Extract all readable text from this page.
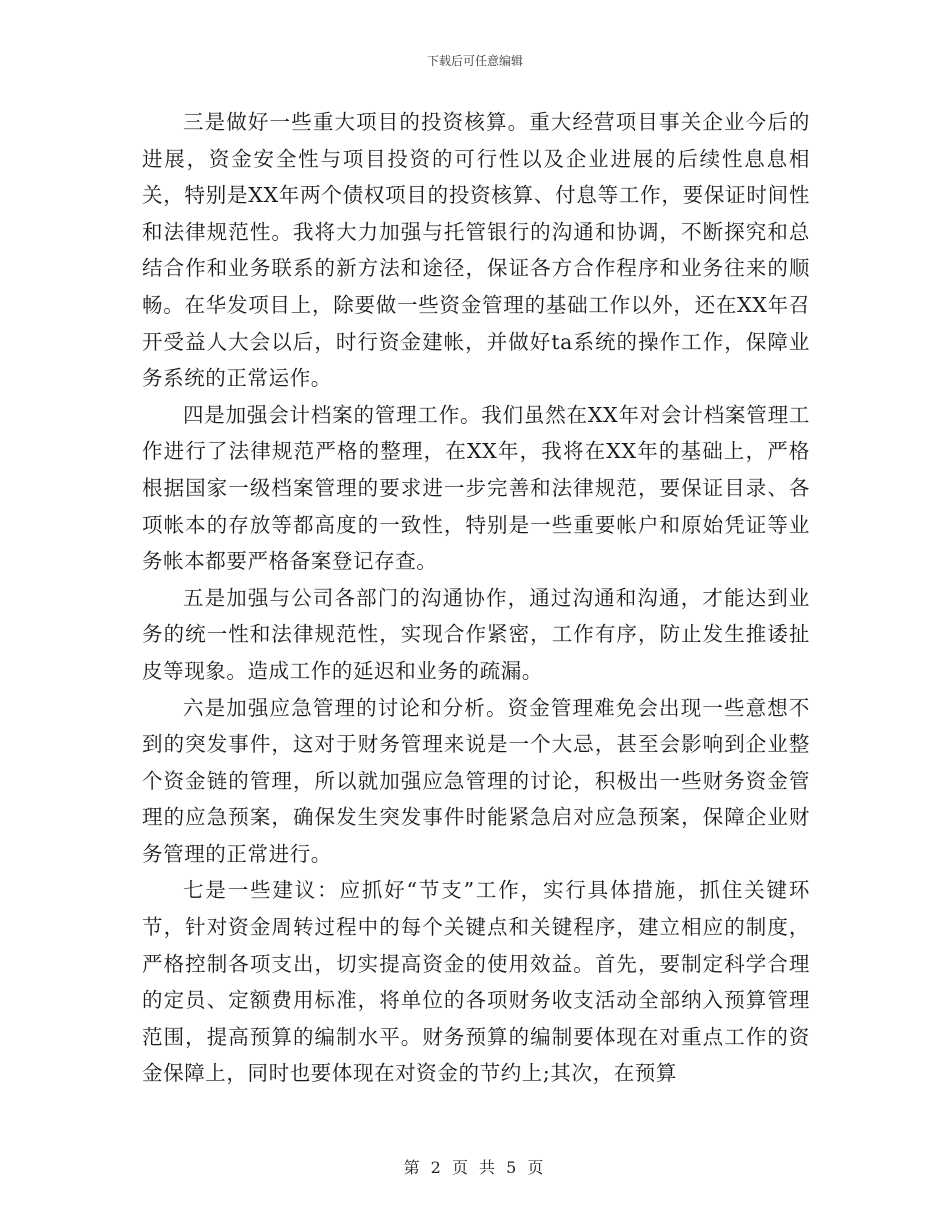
下载后可任意编辑

三是做好一些重大项目的投资核算。重大经营项目事关企业今后的进展，资金安全性与项目投资的可行性以及企业进展的后续性息息相关，特别是XX年两个债权项目的投资核算、付息等工作，要保证时间性和法律规范性。我将大力加强与托管银行的沟通和协调，不断探究和总结合作和业务联系的新方法和途径，保证各方合作程序和业务往来的顺畅。在华发项目上，除要做一些资金管理的基础工作以外，还在XX年召开受益人大会以后，时行资金建帐，并做好ta系统的操作工作，保障业务系统的正常运作。

四是加强会计档案的管理工作。我们虽然在XX年对会计档案管理工作进行了法律规范严格的整理，在XX年，我将在XX年的基础上，严格根据国家一级档案管理的要求进一步完善和法律规范，要保证目录、各项帐本的存放等都高度的一致性，特别是一些重要帐户和原始凭证等业务帐本都要严格备案登记存查。

五是加强与公司各部门的沟通协作，通过沟通和沟通，才能达到业务的统一性和法律规范性，实现合作紧密，工作有序，防止发生推诿扯皮等现象。造成工作的延迟和业务的疏漏。

六是加强应急管理的讨论和分析。资金管理难免会出现一些意想不到的突发事件，这对于财务管理来说是一个大忌，甚至会影响到企业整个资金链的管理，所以就加强应急管理的讨论，积极出一些财务资金管理的应急预案，确保发生突发事件时能紧急启对应急预案，保障企业财务管理的正常进行。

七是一些建议：应抓好“节支”工作，实行具体措施，抓住关键环节，针对资金周转过程中的每个关键点和关键程序，建立相应的制度，严格控制各项支出，切实提高资金的使用效益。首先，要制定科学合理的定员、定额费用标准，将单位的各项财务收支活动全部纳入预算管理范围，提高预算的编制水平。财务预算的编制要体现在对重点工作的资金保障上，同时也要体现在对资金的节约上;其次，在预算

第 2 页 共 5 页
